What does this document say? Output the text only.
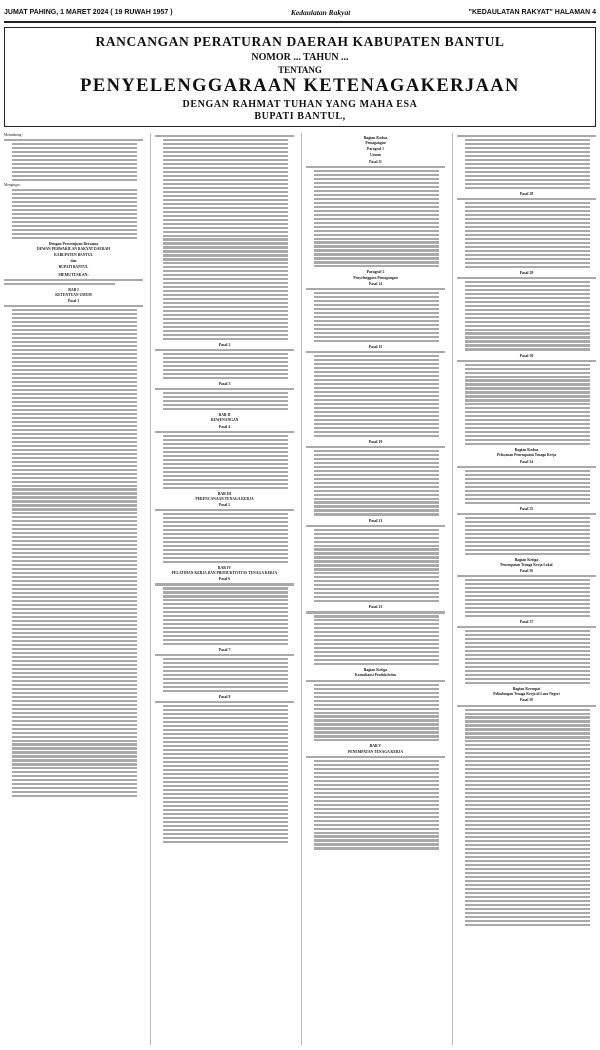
JUMAT PAHING, 1 MARET 2024 ( 19 RUWAH 1957 )	Kedaulatan Rakyat	"KEDAULATAN RAKYAT" HALAMAN 4
RANCANGAN PERATURAN DAERAH KABUPATEN BANTUL
NOMOR ... TAHUN ...
TENTANG
PENYELENGGARAAN KETENAGAKERJAAN
DENGAN RAHMAT TUHAN YANG MAHA ESA
BUPATI BANTUL,

Menimbang :

Mengingat :

Dengan Persetujuan Bersama
DEWAN PERWAKILAN RAKYAT DAERAH
KABUPATEN BANTUL
dan
BUPATI BANTUL
MEMUTUSKAN:
BAB I
KETENTUAN UMUM
Pasal 1
Pasal 2
Pasal 3
BAB II
KEWENANGAN
Pasal 4
BAB III
PERENCANAAN TENAGA KERJA
Pasal 5
BAB IV
PELATIHAN KERJA DAN PRODUKTIVITAS TENAGA KERJA
Pasal 6
Pasal 7
Pasal 8
Bagian Kedua
Pemagangan
Paragraf 1
Umum
Pasal 11
Paragraf 2
Penyelenggara Pemagangan
Pasal 14
Pasal 15
Pasal 19
Pasal 21
Pasal 23
Bagian Ketiga
Konsultansi Produktivitas
BAB V
PENEMPATAN TENAGA KERJA
Pasal 28
Pasal 29
Pasal 30
Bagian Kedua
Pelayanan Penempatan Tenaga Kerja
Pasal 34
Pasal 35
Bagian Ketiga
Penempatan Tenaga Kerja Lokal
Pasal 36
Pasal 37
Bagian Keempat
Pelindungan Tenaga Kerja di Luar Negeri
Pasal 38
